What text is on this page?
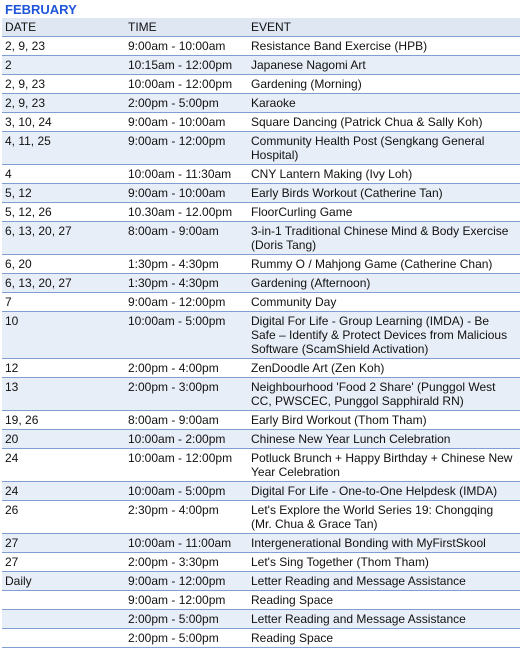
FEBRUARY
DATE	TIME	EVENT
2, 9, 23	9:00am - 10:00am	Resistance Band Exercise (HPB)
2	10:15am - 12:00pm	Japanese Nagomi Art
2, 9, 23	10:00am - 12:00pm	Gardening (Morning)
2, 9, 23	2:00pm - 5:00pm	Karaoke
3, 10, 24	9:00am - 10:00am	Square Dancing (Patrick Chua & Sally Koh)
4, 11, 25	9:00am - 12:00pm	Community Health Post (Sengkang General Hospital)
4	10:00am - 11:30am	CNY Lantern Making (Ivy Loh)
5, 12	9:00am - 10:00am	Early Birds Workout (Catherine Tan)
5, 12, 26	10.30am - 12.00pm	FloorCurling Game
6, 13, 20, 27	8:00am - 9:00am	3-in-1 Traditional Chinese Mind & Body Exercise (Doris Tang)
6, 20	1:30pm - 4:30pm	Rummy O / Mahjong Game (Catherine Chan)
6, 13, 20, 27	1:30pm - 4:30pm	Gardening (Afternoon)
7	9:00am - 12:00pm	Community Day
10	10:00am - 5:00pm	Digital For Life - Group Learning (IMDA) - Be Safe – Identify & Protect Devices from Malicious Software (ScamShield Activation)
12	2:00pm - 4:00pm	ZenDoodle Art (Zen Koh)
13	2:00pm - 3:00pm	Neighbourhood 'Food 2 Share' (Punggol West CC, PWSCEC, Punggol Sapphirald RN)
19, 26	8:00am - 9:00am	Early Bird Workout (Thom Tham)
20	10:00am - 2:00pm	Chinese New Year Lunch Celebration
24	10:00am - 12:00pm	Potluck Brunch + Happy Birthday + Chinese New Year Celebration
24	10:00am - 5:00pm	Digital For Life - One-to-One Helpdesk (IMDA)
26	2:30pm - 4:00pm	Let's Explore the World Series 19: Chongqing (Mr. Chua & Grace Tan)
27	10:00am - 11:00am	Intergenerational Bonding with MyFirstSkool
27	2:00pm - 3:30pm	Let's Sing Together (Thom Tham)
Daily	9:00am - 12:00pm	Letter Reading and Message Assistance
	9:00am - 12:00pm	Reading Space
	2:00pm - 5:00pm	Letter Reading and Message Assistance
	2:00pm - 5:00pm	Reading Space
